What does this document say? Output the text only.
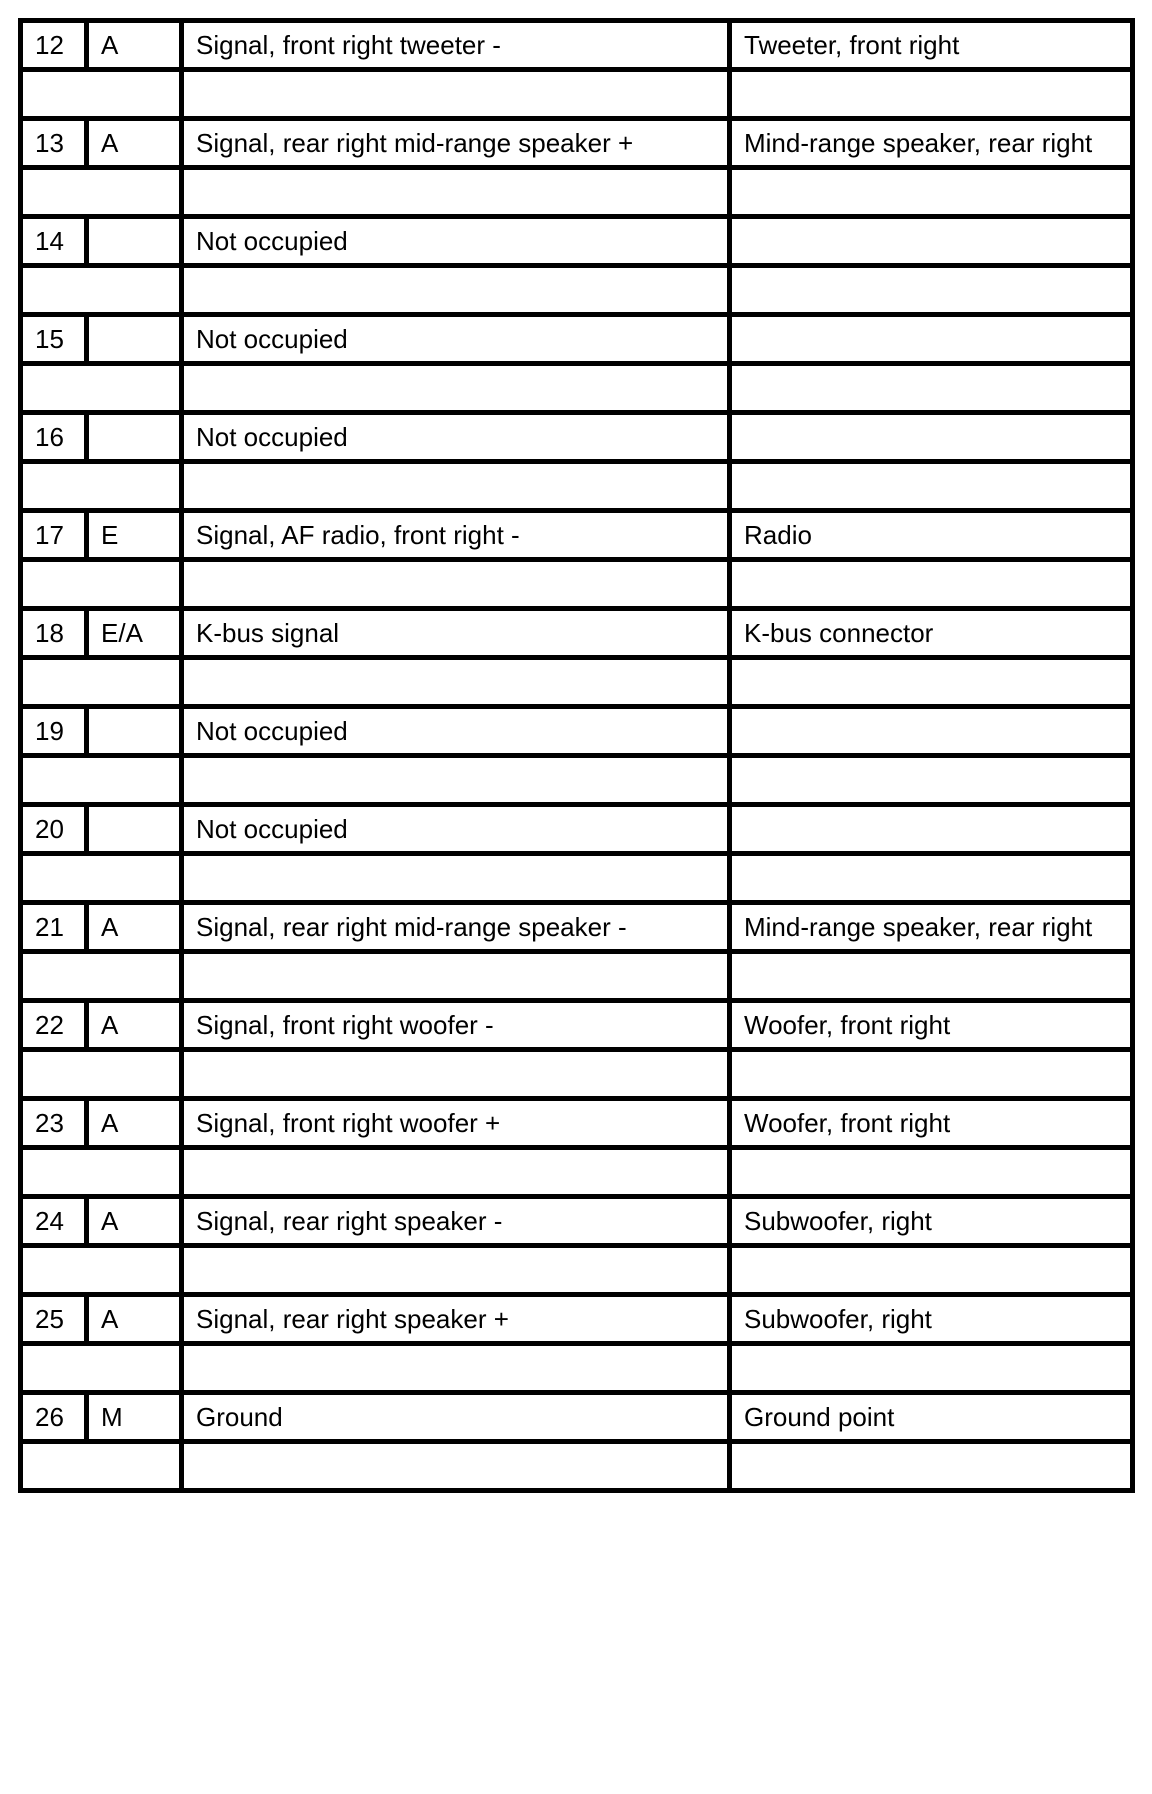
12	A	Signal, front right tweeter -	Tweeter, front right

13	A	Signal, rear right mid-range speaker +	Mind-range speaker, rear right

14		Not occupied	

15		Not occupied	

16		Not occupied	

17	E	Signal, AF radio, front right -	Radio

18	E/A	K-bus signal	K-bus connector

19		Not occupied	

20		Not occupied	

21	A	Signal, rear right mid-range speaker -	Mind-range speaker, rear right

22	A	Signal, front right woofer -	Woofer, front right

23	A	Signal, front right woofer +	Woofer, front right

24	A	Signal, rear right speaker -	Subwoofer, right

25	A	Signal, rear right speaker +	Subwoofer, right

26	M	Ground	Ground point
